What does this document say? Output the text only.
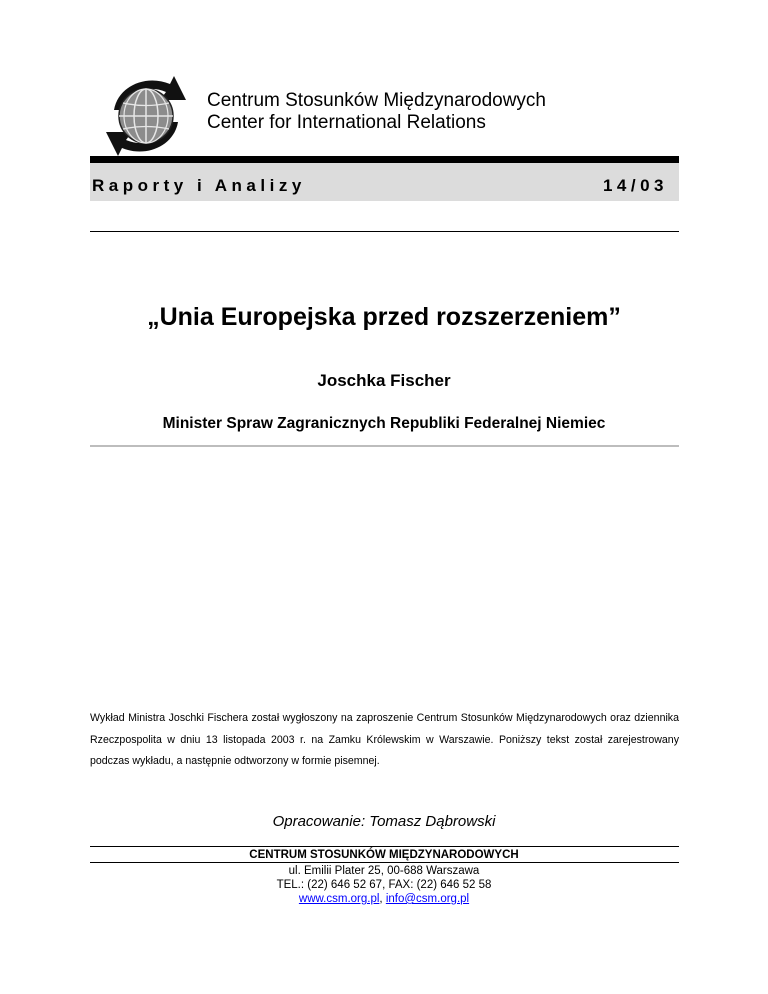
Centrum Stosunków Międzynarodowych
Center for International Relations
Raporty i Analizy	14/03
„Unia Europejska przed rozszerzeniem”
Joschka Fischer
Minister Spraw Zagranicznych Republiki Federalnej Niemiec
Wykład Ministra Joschki Fischera został wygłoszony na zaproszenie Centrum Stosunków Międzynarodowych oraz dziennika Rzeczpospolita w dniu 13 listopada 2003 r. na Zamku Królewskim w Warszawie. Poniższy tekst został zarejestrowany podczas wykładu, a następnie odtworzony w formie pisemnej.
Opracowanie: Tomasz Dąbrowski
CENTRUM STOSUNKÓW MIĘDZYNARODOWYCH
ul. Emilii Plater 25, 00-688 Warszawa
TEL.: (22) 646 52 67, FAX: (22) 646 52 58
www.csm.org.pl, info@csm.org.pl
